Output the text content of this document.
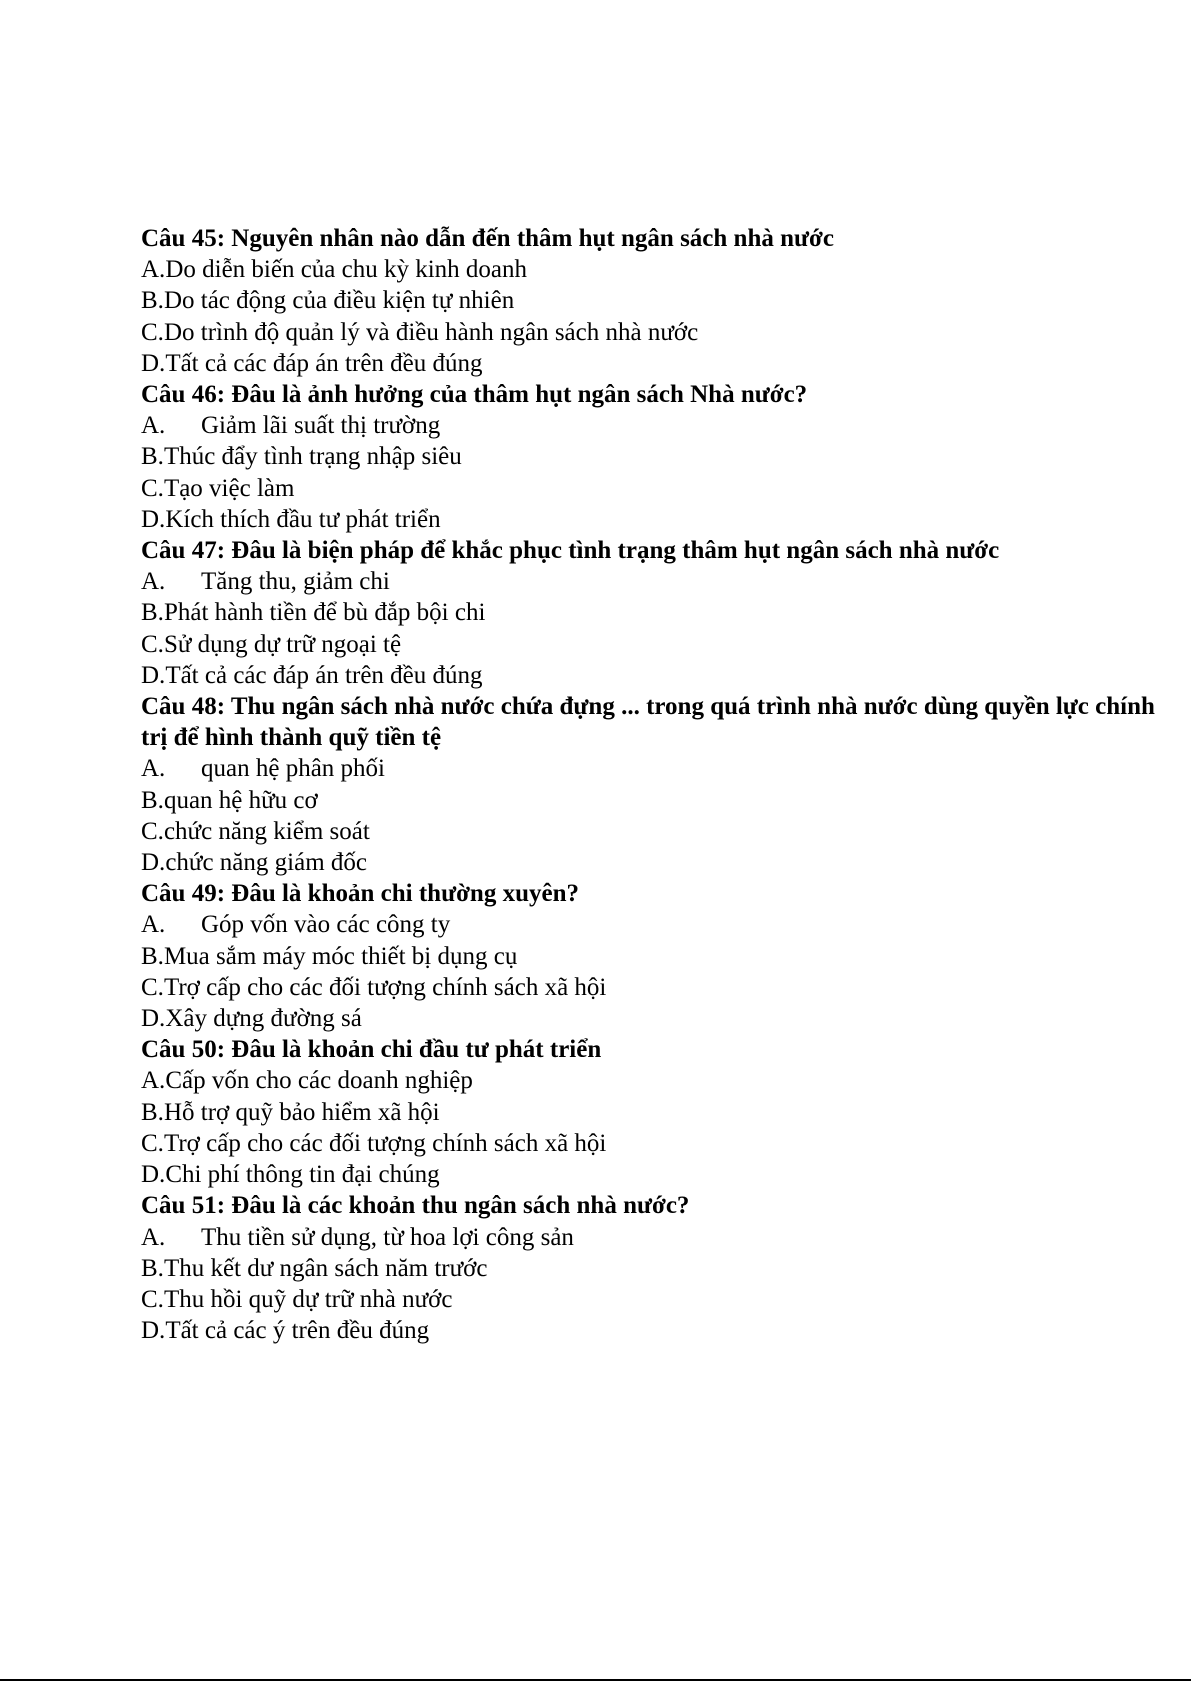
Câu 45: Nguyên nhân nào dẫn đến thâm hụt ngân sách nhà nước

A.Do diễn biến của chu kỳ kinh doanh

B.Do tác động của điều kiện tự nhiên

C.Do trình độ quản lý và điều hành ngân sách nhà nước

D.Tất cả các đáp án trên đều đúng

Câu 46: Đâu là ảnh hưởng của thâm hụt ngân sách Nhà nước?

A. Giảm lãi suất thị trường

B.Thúc đẩy tình trạng nhập siêu

C.Tạo việc làm

D.Kích thích đầu tư phát triển

Câu 47: Đâu là biện pháp để khắc phục tình trạng thâm hụt ngân sách nhà nước

A. Tăng thu, giảm chi

B.Phát hành tiền để bù đắp bội chi

C.Sử dụng dự trữ ngoại tệ

D.Tất cả các đáp án trên đều đúng

Câu 48: Thu ngân sách nhà nước chứa đựng ... trong quá trình nhà nước dùng quyền lực chính trị để hình thành quỹ tiền tệ

A. quan hệ phân phối

B.quan hệ hữu cơ

C.chức năng kiểm soát

D.chức năng giám đốc

Câu 49: Đâu là khoản chi thường xuyên?

A. Góp vốn vào các công ty

B.Mua sắm máy móc thiết bị dụng cụ

C.Trợ cấp cho các đối tượng chính sách xã hội

D.Xây dựng đường sá

Câu 50: Đâu là khoản chi đầu tư phát triển

A.Cấp vốn cho các doanh nghiệp

B.Hỗ trợ quỹ bảo hiểm xã hội

C.Trợ cấp cho các đối tượng chính sách xã hội

D.Chi phí thông tin đại chúng

Câu 51: Đâu là các khoản thu ngân sách nhà nước?

A. Thu tiền sử dụng, từ hoa lợi công sản

B.Thu kết dư ngân sách năm trước

C.Thu hồi quỹ dự trữ nhà nước

D.Tất cả các ý trên đều đúng
